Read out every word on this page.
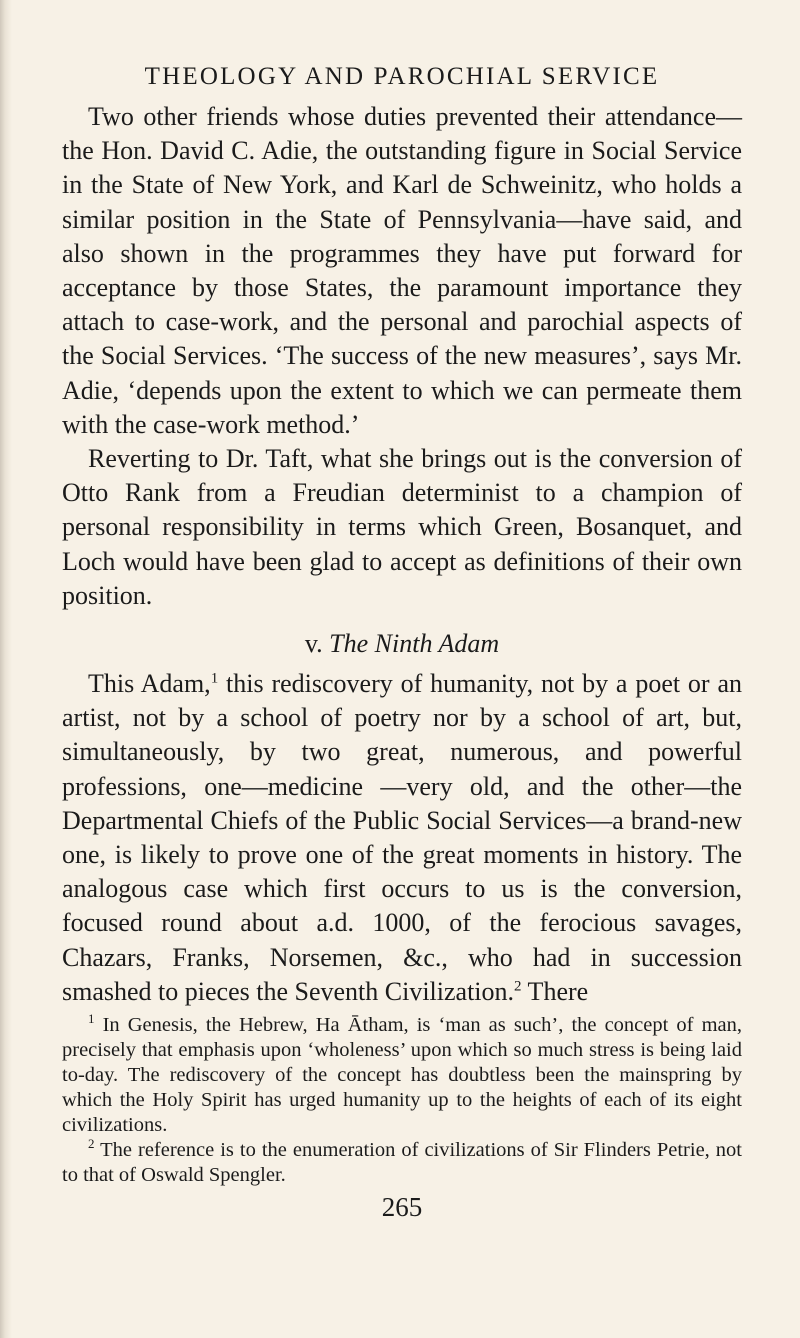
THEOLOGY AND PAROCHIAL SERVICE

Two other friends whose duties prevented their attendance—the Hon. David C. Adie, the outstanding figure in Social Service in the State of New York, and Karl de Schweinitz, who holds a similar position in the State of Pennsylvania—have said, and also shown in the programmes they have put forward for acceptance by those States, the paramount importance they attach to case-work, and the personal and parochial aspects of the Social Services. ‘The success of the new measures’, says Mr. Adie, ‘depends upon the extent to which we can permeate them with the case-work method.’

Reverting to Dr. Taft, what she brings out is the conversion of Otto Rank from a Freudian determinist to a champion of personal responsibility in terms which Green, Bosanquet, and Loch would have been glad to accept as definitions of their own position.

v. The Ninth Adam

This Adam,$^1$ this rediscovery of humanity, not by a poet or an artist, not by a school of poetry nor by a school of art, but, simultaneously, by two great, numerous, and powerful professions, one—medicine —very old, and the other—the Departmental Chiefs of the Public Social Services—a brand-new one, is likely to prove one of the great moments in history. The analogous case which first occurs to us is the conversion, focused round about a.d. 1000, of the ferocious savages, Chazars, Franks, Norsemen, &c., who had in succession smashed to pieces the Seventh Civilization.$^2$ There

$^1$ In Genesis, the Hebrew, Ha Ātham, is ‘man as such’, the concept of man, precisely that emphasis upon ‘wholeness’ upon which so much stress is being laid to-day. The rediscovery of the concept has doubtless been the mainspring by which the Holy Spirit has urged humanity up to the heights of each of its eight civilizations.

$^2$ The reference is to the enumeration of civilizations of Sir Flinders Petrie, not to that of Oswald Spengler.

265
